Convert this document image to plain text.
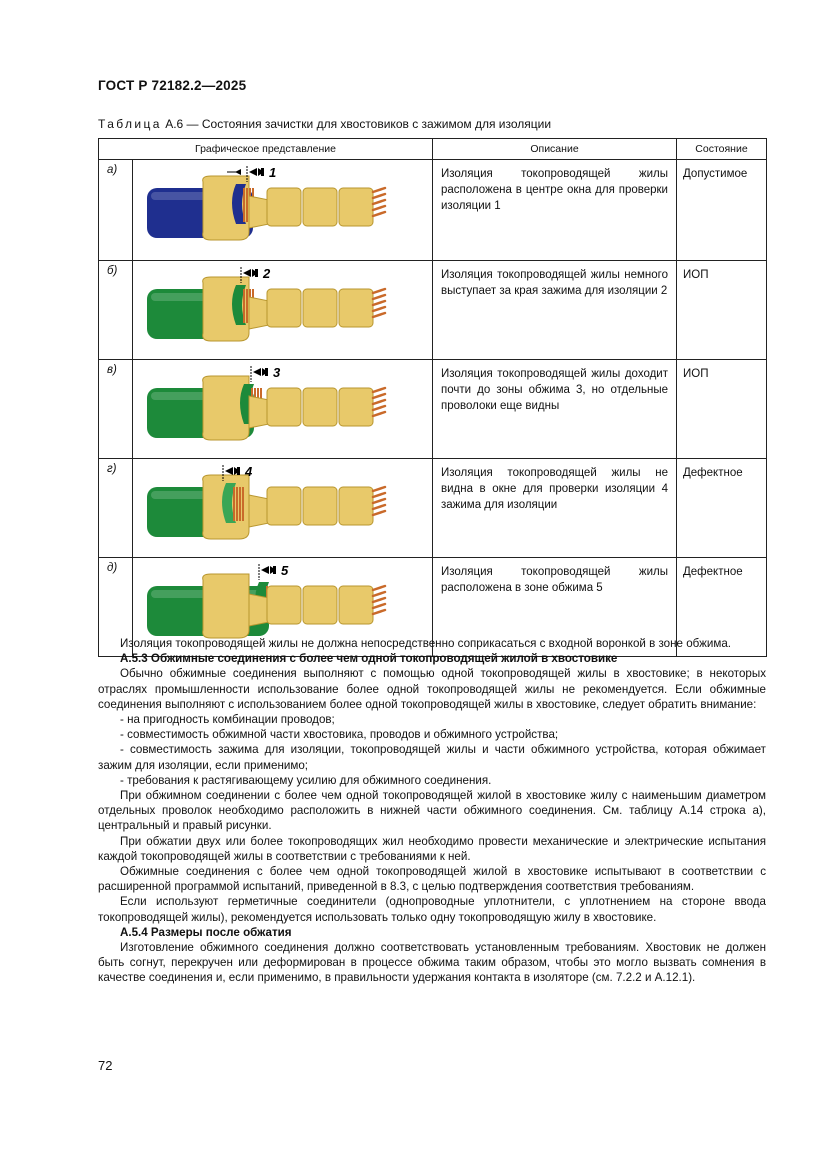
ГОСТ Р 72182.2—2025
Таблица А.6 — Состояния зачистки для хвостовиков с зажимом для изоляции
Графическое представление		Описание	Состояние
а)	1	Изоляция токопроводящей жилы расположена в центре окна для проверки изоляции 1	Допустимое
б)	2	Изоляция токопроводящей жилы немного выступает за края зажима для изоляции 2	ИОП
в)	3	Изоляция токопроводящей жилы доходит почти до зоны обжима 3, но отдельные проволоки еще видны	ИОП
г)	4	Изоляция токопроводящей жилы не видна в окне для проверки изоляции 4 зажима для изоляции	Дефектное
д)	5	Изоляция токопроводящей жилы расположена в зоне обжима 5	Дефектное

Изоляция токопроводящей жилы не должна непосредственно соприкасаться с входной воронкой в зоне обжима.

А.5.3 Обжимные соединения с более чем одной токопроводящей жилой в хвостовике

Обычно обжимные соединения выполняют с помощью одной токопроводящей жилы в хвостовике; в некоторых отраслях промышленности использование более одной токопроводящей жилы не рекомендуется. Если обжимные соединения выполняют с использованием более одной токопроводящей жилы в хвостовике, следует обратить внимание:

- на пригодность комбинации проводов;

- совместимость обжимной части хвостовика, проводов и обжимного устройства;

- совместимость зажима для изоляции, токопроводящей жилы и части обжимного устройства, которая обжимает зажим для изоляции, если применимо;

- требования к растягивающему усилию для обжимного соединения.

При обжимном соединении с более чем одной токопроводящей жилой в хвостовике жилу с наименьшим диаметром отдельных проволок необходимо расположить в нижней части обжимного соединения. См. таблицу А.14 строка а), центральный и правый рисунки.

При обжатии двух или более токопроводящих жил необходимо провести механические и электрические испытания каждой токопроводящей жилы в соответствии с требованиями к ней.

Обжимные соединения с более чем одной токопроводящей жилой в хвостовике испытывают в соответствии с расширенной программой испытаний, приведенной в 8.3, с целью подтверждения соответствия требованиям.

Если используют герметичные соединители (однопроводные уплотнители, с уплотнением на стороне ввода токопроводящей жилы), рекомендуется использовать только одну токопроводящую жилу в хвостовике.

А.5.4 Размеры после обжатия

Изготовление обжимного соединения должно соответствовать установленным требованиям. Хвостовик не должен быть согнут, перекручен или деформирован в процессе обжима таким образом, чтобы это могло вызвать сомнения в качестве соединения и, если применимо, в правильности удержания контакта в изоляторе (см. 7.2.2 и А.12.1).

72
